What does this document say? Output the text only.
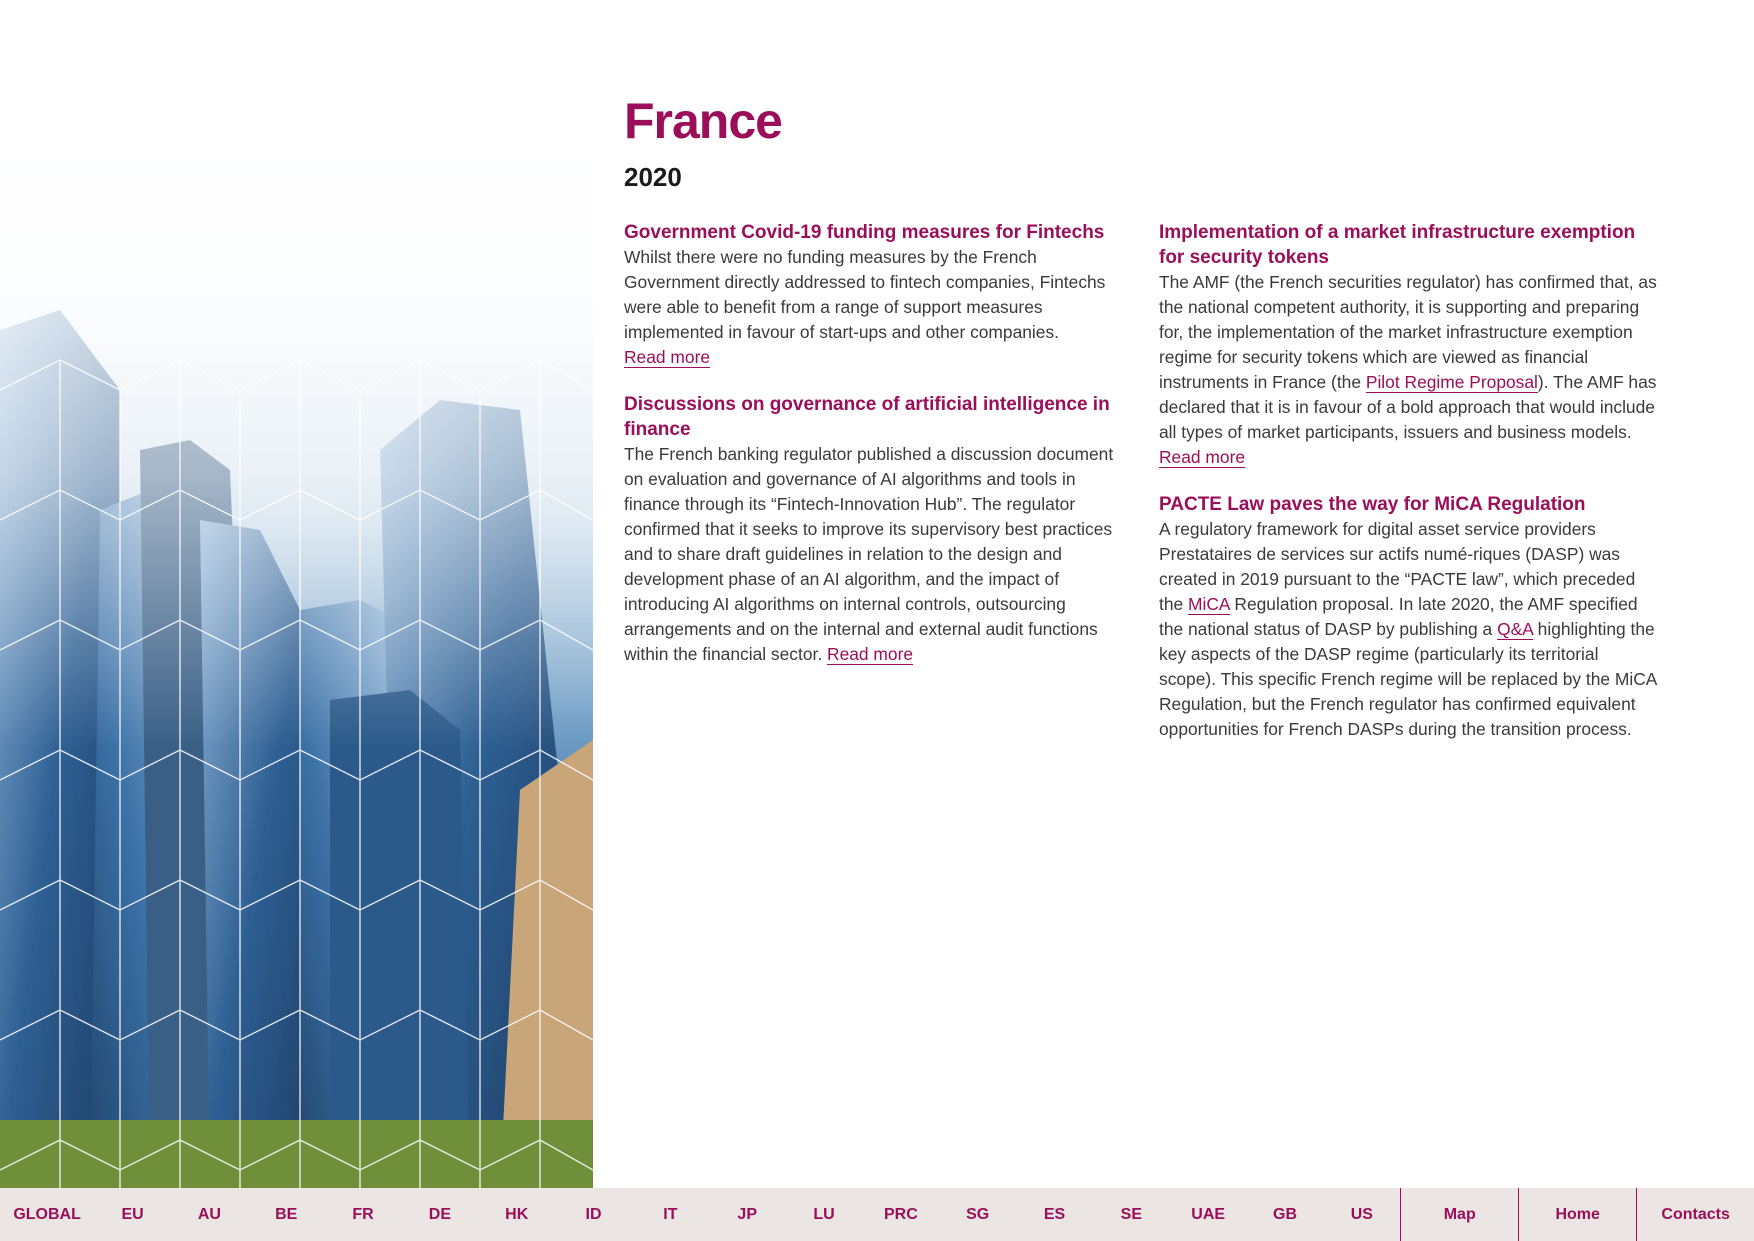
France
2020
Government Covid-19 funding measures for Fintechs

Whilst there were no funding measures by the French Government directly addressed to fintech companies, Fintechs were able to benefit from a range of support measures implemented in favour of start-ups and other companies.
Read more

Discussions on governance of artificial intelligence in finance

The French banking regulator published a discussion document on evaluation and governance of AI algorithms and tools in finance through its “Fintech-Innovation Hub”. The regulator confirmed that it seeks to improve its supervisory best practices and to share draft guidelines in relation to the design and development phase of an AI algorithm, and the impact of introducing AI algorithms on internal controls, outsourcing arrangements and on the internal and external audit functions within the financial sector. Read more

Implementation of a market infrastructure exemption for security tokens

The AMF (the French securities regulator) has confirmed that, as the national competent authority, it is supporting and preparing for, the implementation of the market infrastructure exemption regime for security tokens which are viewed as financial instruments in France (the Pilot Regime Proposal). The AMF has declared that it is in favour of a bold approach that would include all types of market participants, issuers and business models. Read more

PACTE Law paves the way for MiCA Regulation

A regulatory framework for digital asset service providers Prestataires de services sur actifs numé-riques (DASP) was created in 2019 pursuant to the “PACTE law”, which preceded the MiCA Regulation proposal. In late 2020, the AMF specified the national status of DASP by publishing a Q&A highlighting the key aspects of the DASP regime (particularly its territorial scope). This specific French regime will be replaced by the MiCA Regulation, but the French regulator has confirmed equivalent opportunities for French DASPs during the transition process.

GLOBAL	EU	AU	BE	FR	DE	HK	ID	IT	JP	LU	PRC	SG	ES	SE	UAE	GB	US	Map	Home	Contacts
